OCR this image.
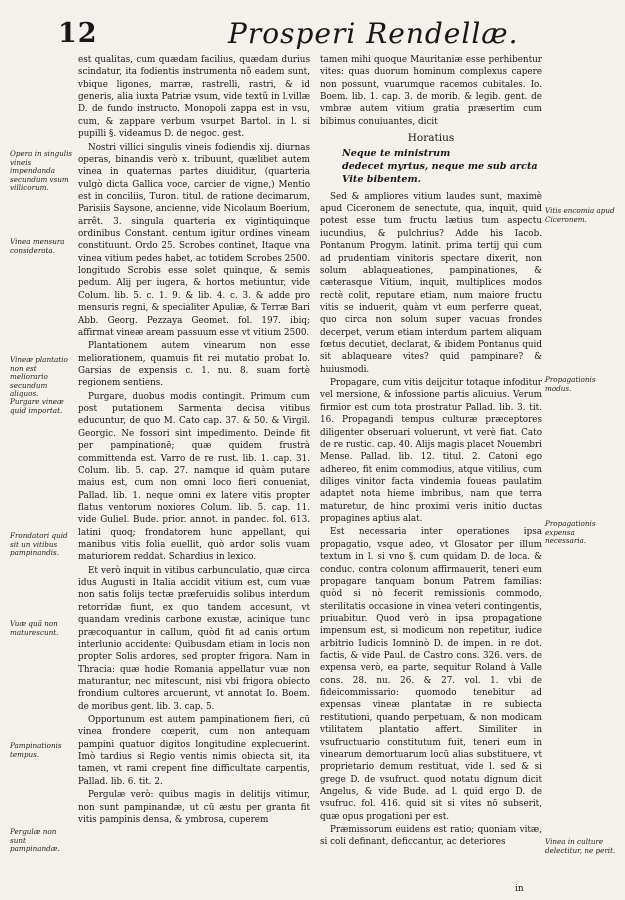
12	Prosperi Rendellæ.
Opera in singulis vineis impendanda secundum vsum villicorum.
Vinea mensura considerata.
Vineæ plantatio non est meliorario secundum aliquos.
Purgare vineæ quid importat.
Frondatori quid sit un vitibus pampinandis.
Vuæ quã non maturescunt.
Pampinationis tempus.
Pergulæ non sunt pampinandæ.
Vitis encomia apud Ciceronem.
Propagationis modus.
Propagationis expensa necessaria.
Vinea in culture delectitur, ne perit.

est qualitas, cum quædam facilius, quædam durius scindatur, ita fodientis instrumenta nõ eadem sunt, vbique ligones, marræ, rastrelli, rastri, & id generis, alia iuxta Patriæ vsum, vide textũ in l.villæ D. de fundo instructo. Monopoli zappa est in vsu, cum, & zappare verbum vsurpet Bartol. in l. si pupilli §. videamus D. de negoc. gest.

Nostri villici singulis vineis fodiendis xij. diurnas operas, binandis verò x. tribuunt, quælibet autem vinea in quaternas partes diuiditur, (quarteria vulgò dicta Gallica voce, carcier de vigne,) Mentio est in conciliis, Turon. titul. de ratione decimarum, Parisiis Saysone, ancienne, vide Nicolaum Boerium, arrêt. 3. singula quarteria ex vigintiquinque ordinibus Constant. centum igitur ordines vineam constituunt. Ordo 25. Scrobes continet, Itaque vna vinea vitium pedes habet, ac totidem Scrobes 2500. longitudo Scrobis esse solet quinque, & semis pedum. Alij per iugera, & hortos metiuntur, vide Colum. lib. 5. c. 1. 9. & lib. 4. c. 3. & adde pro mensuris regni, & specialiter Apuliæ, & Terræ Bari Abb. Georg. Pezzaya Geomet. fol. 197. ibiq; affirmat vineæ aream passuum esse vt vitium 2500.

Plantationem autem vinearum non esse meliorationem, quamuis fit rei mutatio probat Io. Garsias de expensis c. 1. nu. 8. suam fortè regionem sentiens.

Purgare, duobus modis contingit. Primum cum post putationem Sarmenta decisa vitibus educuntur, de quo M. Cato cap. 37. & 50. & Virgil. Georgic. Ne fossori sint impedimento. Deinde fit per pampinationē; quæ quidem frustrà committenda est. Varro de re rust. lib. 1. cap. 31. Colum. lib. 5. cap. 27. namque id quàm putare maius est, cum non omni loco fieri conueniat, Pallad. lib. 1. neque omni ex latere vitis propter flatus ventorum noxiores Colum. lib. 5. cap. 11. vide Guliel. Bude. prior. annot. in pandec. fol. 613. latini quoq; frondatorem hunc appellant, qui manibus vitis folia euellit, quò ardor solis vuam maturiorem reddat. Schardius in lexico.

Et verò inquit in vitibus carbunculatio, quæ circa idus Augusti in Italia accidit vitium est, cum vuæ non satis folijs tectæ præferuidis solibus interdum retorridæ fiunt, ex quo tandem accesunt, vt quandam vredinis carbone exustæ, acinique tunc præcoquantur in callum, quòd fit ad canis ortum interlunio accidente: Quibusdam etiam in locis non propter Solis ardores, sed propter frigora. Nam in Thracia: quæ hodie Romania appellatur vuæ non maturantur, nec mitescunt, nisi vbi frigora obiecto frondium cultores arcuerunt, vt annotat Io. Boem. de moribus gent. lib. 3. cap. 5.

Opportunum est autem pampinationem fieri, cū vinea frondere cœperit, cum non antequam pampini quatuor digitos longitudine explecuerint. Imò tardius si Regio ventis nimis obiecta sit, ita tamen, vt rami crepent fine difficultate carpentis, Pallad. lib. 6. tit. 2.

Pergulæ verò: quibus magis in delitijs vitimur, non sunt pampinandæ, ut cū æstu per granta fit vitis pampinis densa, & ymbrosa, cuperem

tamen mihi quoque Mauritaniæ esse perhibentur vites: quas duorum hominum complexus capere non possunt, vuarumque racemos cubitales. Io. Boem. lib. 1. cap. 3. de morib. & legib. gent. de vmbræ autem vitium gratia præsertim cum bibimus conuiuantes, dicit

Horatius
Neque te ministrum
dedecet myrtus, neque me sub arcta
Vite bibentem.

Sed & ampliores vitium laudes sunt, maximè apud Ciceronem de senectute, qua, inquit, quid potest esse tum fructu lætius tum aspectu iucundius, & pulchrius? Adde his Iacob. Pontanum Progym. latinit. prima tertij qui cum ad prudentiam vinitoris spectare dixerit, non solum ablaqueationes, pampinationes, & cæterasque Vitium, inquit, multiplices modos rectè colit, reputare etiam, num maiore fructu vitis se induerit, quàm vt eum perferre queat, quo circa non solum super vacuas frondes decerpet, verum etiam interdum partem aliquam fœtus decutiet, declarat, & ibidem Pontanus quid sit ablaqueare vites? quid pampinare? & huiusmodi.

Propagare, cum vitis deijcitur totaque infoditur vel mersione, & infossione partis alicuius. Verum firmior est cum tota prostratur Pallad. lib. 3. tit. 16. Propagandi tempus culturæ præceptores diligenter obseruari voluerunt, vt verè fiat. Cato de re rustic. cap. 40. Alijs magis placet Nouembri Mense. Pallad. lib. 12. titul. 2. Catoni ego adhereo, fit enim commodius, atque vitilius, cum diliges vinitor facta vindemia foueas paulatim adaptet nota hieme imbribus, nam que terra maturetur, de hinc proximi veris initio ductas propagines aptius alat.

Est necessaria inter operationes ipsa propagatio, vsque adeo, vt Glosator per illum textum in l. si vno §. cum quidam D. de loca. & conduc. contra colonum affirmauerit, teneri eum propagare tanquam bonum Patrem familias: quòd si nò fecerit remissionis commodo, sterilitatis occasione in vinea veteri contingentis, priuabitur. Quod verò in ipsa propagatione impensum est, si modicum non repetitur, iudice arbitrio Iudicis Iomninò D. de impen. in re dot. factis, & vide Paul. de Castro cons. 326. vers. de expensa verò, ea parte, sequitur Roland à Valle cons. 28. nu. 26. & 27. vol. 1. vbi de fideicommissario: quomodo tenebitur ad expensas vineæ plantatæ in re subiecta restitutioni, quando perpetuam, & non modicam vtilitatem plantatio affert. Similiter in vsufructuario constitutum fuit, teneri eum in vinearum demortuarum locū alias substituere, vt proprietario demum restituat, vide l. sed & si grege D. de vsufruct. quod notatu dignum dicit Angelus, & vide Bude. ad l. quid ergo D. de vsufruc. fol. 416. quid sit si vites nō subserit, quæ opus progationi per est.

Præmissorum euidens est ratio; quoniam vitæ, si coli definant, deficcantur, ac deteriores

in
